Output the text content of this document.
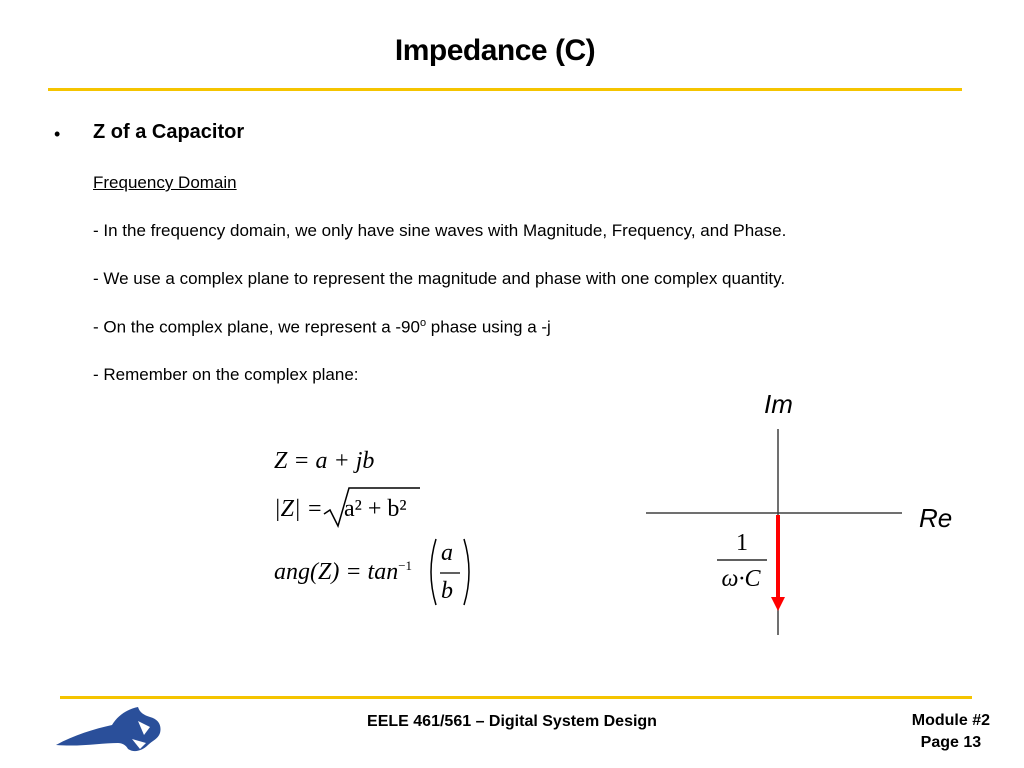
Impedance (C)
• Z of a Capacitor
Frequency Domain
- In the frequency domain, we only have sine waves with Magnitude, Frequency, and Phase.
- We use a complex plane to represent the magnitude and phase with one complex quantity.
- On the complex plane, we represent a -90$^o$ phase using a -j
- Remember on the complex plane:
Z = a + jb
|Z| = a² + b²
$ang(Z) = \tan^{-1} a$
b
Im
Re
1
ω·C
EELE 461/561 – Digital System Design	Module #2
Page 13
